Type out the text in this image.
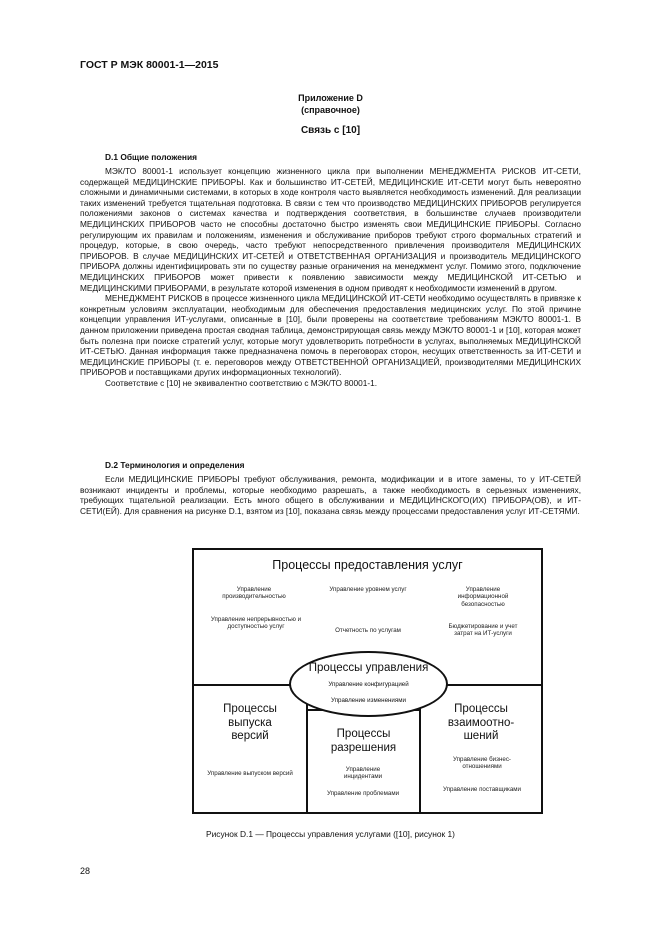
ГОСТ Р МЭК 80001-1—2015
Приложение D
(справочное)
Связь с [10]
D.1 Общие положения

МЭК/ТО 80001-1 использует концепцию жизненного цикла при выполнении МЕНЕДЖМЕНТА РИСКОВ ИТ-СЕТИ, содержащей МЕДИЦИНСКИЕ ПРИБОРЫ. Как и большинство ИТ-СЕТЕЙ, МЕДИЦИНСКИЕ ИТ-СЕТИ могут быть невероятно сложными и динамичными системами, в которых в ходе контроля часто выявляется необходимость изменений. Для реализации таких изменений требуется тщательная подготовка. В связи с тем что производство МЕДИЦИНСКИХ ПРИБОРОВ регулируется положениями законов о системах качества и подтверждения соответствия, в большинстве случаев производители МЕДИЦИНСКИХ ПРИБОРОВ часто не способны достаточно быстро изменять свои МЕДИЦИНСКИЕ ПРИБОРЫ. Согласно регулирующим их правилам и положениям, изменения и обслуживание приборов требуют строго формальных стратегий и процедур, которые, в свою очередь, часто требуют непосредственного привлечения производителя МЕДИЦИНСКИХ ПРИБОРОВ. В случае МЕДИЦИНСКИХ ИТ-СЕТЕЙ и ОТВЕТСТВЕННАЯ ОРГАНИЗАЦИЯ и производитель МЕДИЦИНСКОГО ПРИБОРА должны идентифицировать эти по существу разные ограничения на менеджмент услуг. Помимо этого, подключение МЕДИЦИНСКИХ ПРИБОРОВ может привести к появлению зависимости между МЕДИЦИНСКОЙ ИТ-СЕТЬЮ и МЕДИЦИНСКИМИ ПРИБОРАМИ, в результате которой изменения в одном приводят к необходимости изменений в другом.

МЕНЕДЖМЕНТ РИСКОВ в процессе жизненного цикла МЕДИЦИНСКОЙ ИТ-СЕТИ необходимо осуществлять в привязке к конкретным условиям эксплуатации, необходимым для обеспечения предоставления медицинских услуг. По этой причине концепции управления ИТ-услугами, описанные в [10], были проверены на соответствие требованиям МЭК/ТО 80001-1. В данном приложении приведена простая сводная таблица, демонстрирующая связь между МЭК/ТО 80001-1 и [10], которая может быть полезна при поиске стратегий услуг, которые могут удовлетворить потребности в услугах, выполняемых МЕДИЦИНСКОЙ ИТ-СЕТЬЮ. Данная информация также предназначена помочь в переговорах сторон, несущих ответственность за ИТ-СЕТИ и МЕДИЦИНСКИЕ ПРИБОРЫ (т. е. переговоров между ОТВЕТСТВЕННОЙ ОРГАНИЗАЦИЕЙ, производителями МЕДИЦИНСКИХ ПРИБОРОВ и поставщиками других информационных технологий).

Соответствие с [10] не эквивалентно соответствию с МЭК/ТО 80001-1.

D.2 Терминология и определения

Если МЕДИЦИНСКИЕ ПРИБОРЫ требуют обслуживания, ремонта, модификации и в итоге замены, то у ИТ-СЕТЕЙ возникают инциденты и проблемы, которые необходимо разрешать, а также необходимость в серьезных изменениях, требующих тщательной реализации. Есть много общего в обслуживании и МЕДИЦИНСКОГО(ИХ) ПРИБОРА(ОВ), и ИТ-СЕТИ(ЕЙ). Для сравнения на рисунке D.1, взятом из [10], показана связь между процессами предоставления услуг ИТ-СЕТЯМИ.

Процессы предоставления услуг
Управление производительностью
Управление уровнем услуг	Управление информационной безопасностью
Управление непрерывностью и доступностью услуг
Отчетность по услугам
Бюджетирование и учет затрат на ИТ-услуги
Процессы управления
Управление конфигурацией
Управление изменениями
Процессы
выпуска
версий
Управление выпуском версий
Процессы
разрешения
Управление инцидентами
Управление проблемами
Процессы
взаимоотно-
шений
Управление бизнес-отношениями
Управление поставщиками
Рисунок D.1 — Процессы управления услугами ([10], рисунок 1)
28
